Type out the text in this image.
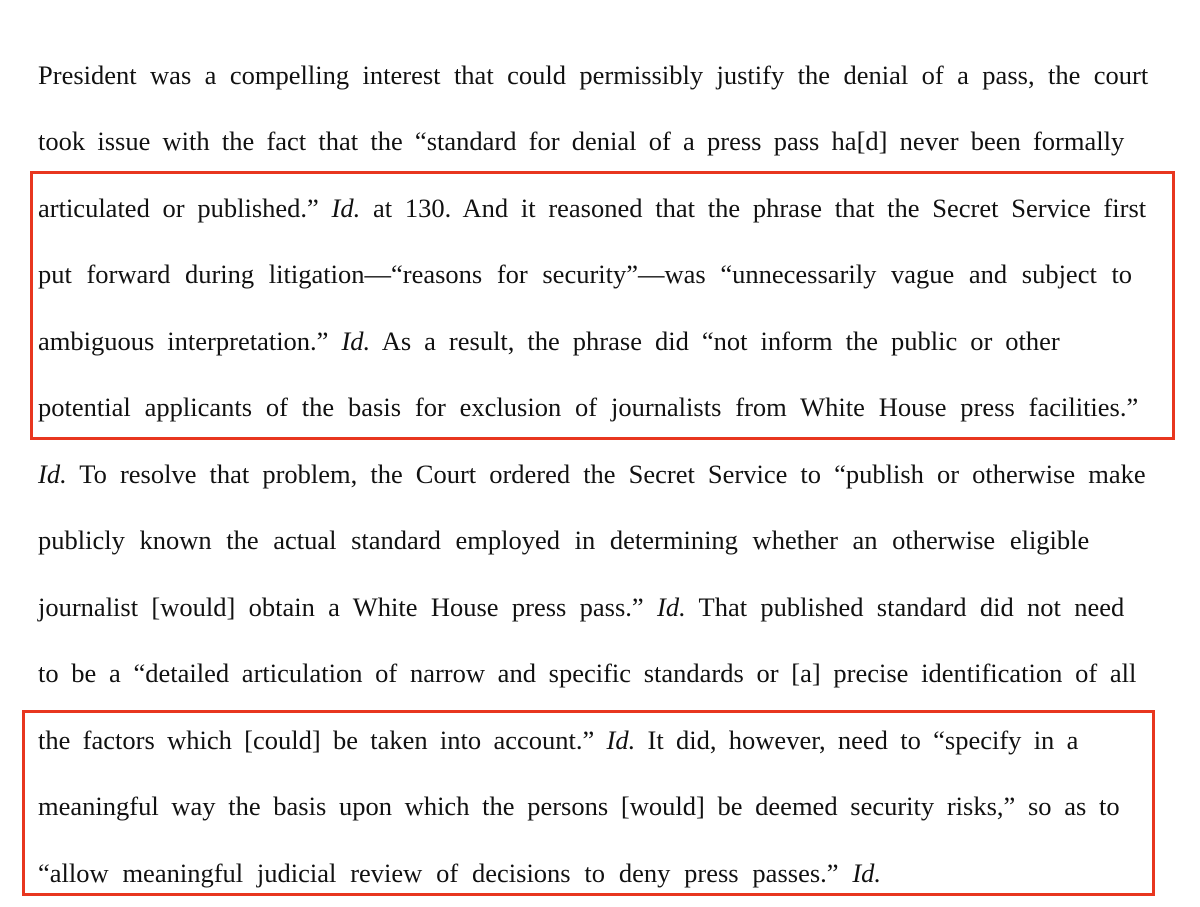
President was a compelling interest that could permissibly justify the denial of a pass, the court
took issue with the fact that the “standard for denial of a press pass ha[d] never been formally
articulated or published.” Id. at 130. And it reasoned that the phrase that the Secret Service first
put forward during litigation—“reasons for security”—was “unnecessarily vague and subject to
ambiguous interpretation.” Id. As a result, the phrase did “not inform the public or other
potential applicants of the basis for exclusion of journalists from White House press facilities.”
Id. To resolve that problem, the Court ordered the Secret Service to “publish or otherwise make
publicly known the actual standard employed in determining whether an otherwise eligible
journalist [would] obtain a White House press pass.” Id. That published standard did not need
to be a “detailed articulation of narrow and specific standards or [a] precise identification of all
the factors which [could] be taken into account.” Id. It did, however, need to “specify in a
meaningful way the basis upon which the persons [would] be deemed security risks,” so as to
“allow meaningful judicial review of decisions to deny press passes.” Id.
